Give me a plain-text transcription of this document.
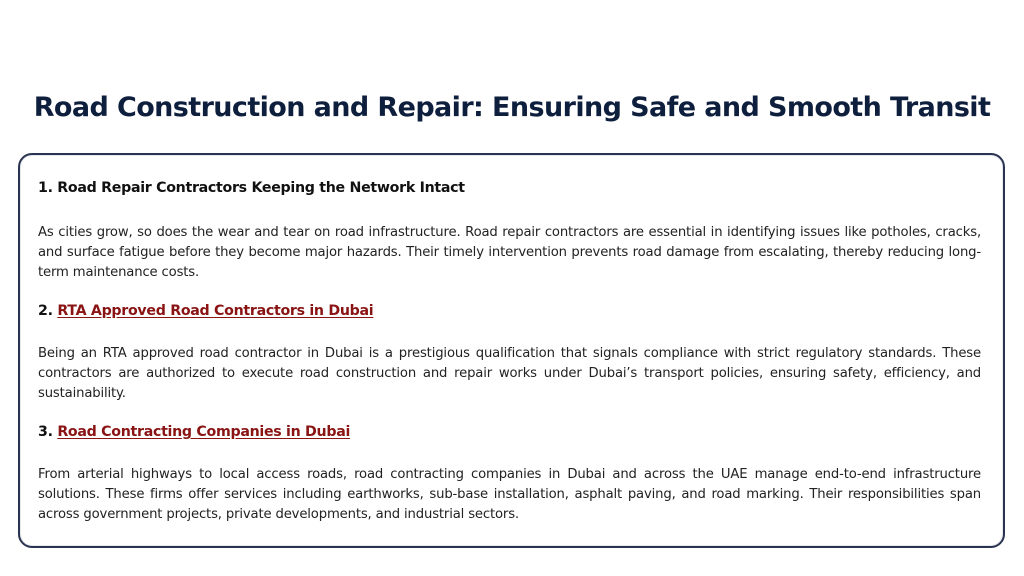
Road Construction and Repair: Ensuring Safe and Smooth Transit
1. Road Repair Contractors Keeping the Network Intact

As cities grow, so does the wear and tear on road infrastructure. Road repair contractors are essential in identifying issues like potholes, cracks, and surface fatigue before they become major hazards. Their timely intervention prevents road damage from escalating, thereby reducing long-term maintenance costs.

2. RTA Approved Road Contractors in Dubai

Being an RTA approved road contractor in Dubai is a prestigious qualification that signals compliance with strict regulatory standards. These contractors are authorized to execute road construction and repair works under Dubai’s transport policies, ensuring safety, efficiency, and sustainability.

3. Road Contracting Companies in Dubai

From arterial highways to local access roads, road contracting companies in Dubai and across the UAE manage end-to-end infrastructure solutions. These firms offer services including earthworks, sub-base installation, asphalt paving, and road marking. Their responsibilities span across government projects, private developments, and industrial sectors.
